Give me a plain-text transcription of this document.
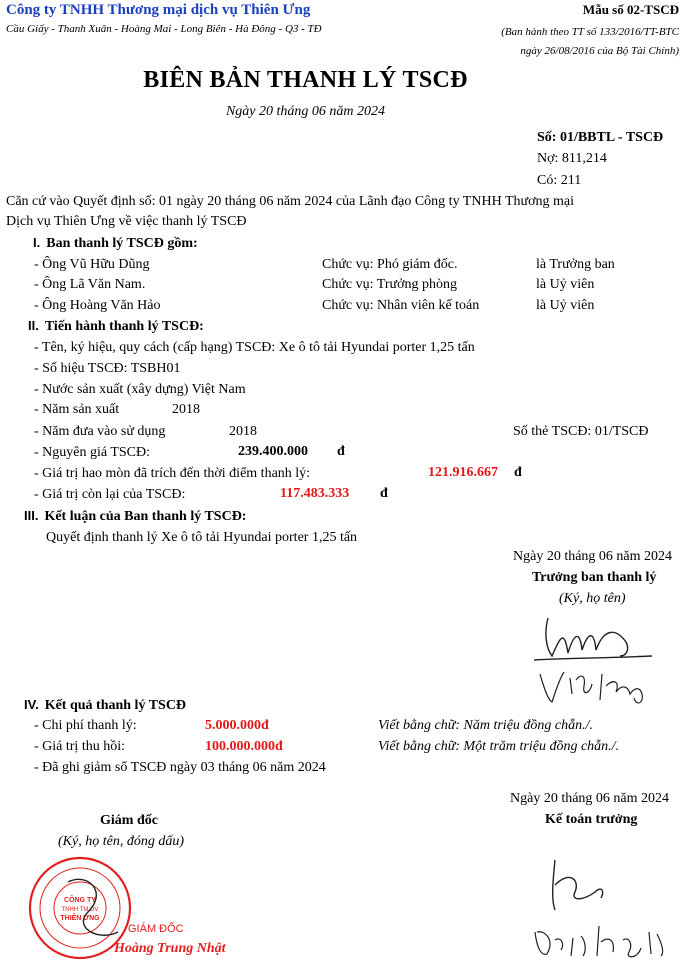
Công ty TNHH Thương mại dịch vụ Thiên Ưng
Cầu Giấy - Thanh Xuân - Hoàng Mai - Long Biên - Hà Đông - Q3 - TĐ
Mẫu số 02-TSCĐ
(Ban hành theo TT số 133/2016/TT-BTC
ngày 26/08/2016 của Bộ Tài Chính)
BIÊN BẢN THANH LÝ TSCĐ
Ngày 20 tháng 06 năm 2024
Số: 01/BBTL - TSCĐ
Nợ: 811,214
Có: 211
Căn cứ vào Quyết định số: 01 ngày 20 tháng 06 năm 2024 của Lãnh đạo Công ty TNHH Thương mại
Dịch vụ Thiên Ưng về việc thanh lý TSCĐ
I. Ban thanh lý TSCĐ gồm:
- Ông Vũ Hữu Dũng	Chức vụ: Phó giám đốc.	là Trưởng ban
- Ông Lã Văn Nam.	Chức vụ: Trưởng phòng	là Uỷ viên
- Ông Hoàng Văn Hảo	Chức vụ: Nhân viên kế toán	là Uỷ viên
II. Tiến hành thanh lý TSCĐ:
- Tên, ký hiệu, quy cách (cấp hạng) TSCĐ: Xe ô tô tải Hyundai porter 1,25 tấn
- Số hiệu TSCĐ: TSBH01
- Nước sản xuất (xây dựng) Việt Nam
- Năm sản xuất	2018
- Năm đưa vào sử dụng	2018	Số thẻ TSCĐ: 01/TSCĐ
- Nguyên giá TSCĐ:	239.400.000 đ
- Giá trị hao mòn đã trích đến thời điểm thanh lý:	121.916.667 đ
- Giá trị còn lại của TSCĐ:	117.483.333 đ
III. Kết luận của Ban thanh lý TSCĐ:
Quyết định thanh lý Xe ô tô tải Hyundai porter 1,25 tấn
Ngày 20 tháng 06 năm 2024
Trưởng ban thanh lý
(Ký, họ tên)
IV. Kết quả thanh lý TSCĐ
- Chi phí thanh lý:	5.000.000đ	Viết bằng chữ: Năm triệu đồng chẵn./.
- Giá trị thu hồi:	100.000.000đ	Viết bằng chữ: Một trăm triệu đồng chẵn./.
- Đã ghi giảm sổ TSCĐ ngày 03 tháng 06 năm 2024
Giám đốc
(Ký, họ tên, đóng dấu)
CÔNG TY
TNHH TM DV
THIÊN ƯNG
GIÁM ĐỐC
Hoàng Trung Nhật
Ngày 20 tháng 06 năm 2024
Kế toán trưởng
